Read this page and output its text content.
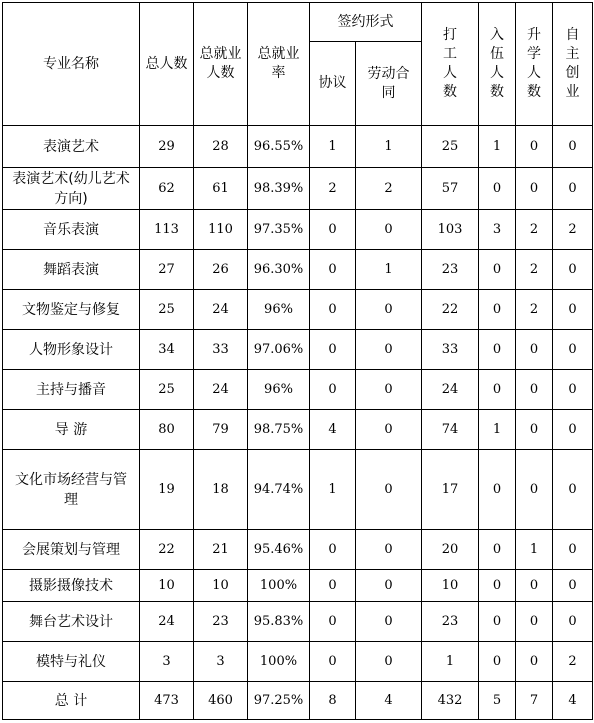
专业名称	总人数	总就业人数	总就业率	签约形式		打工人数	入伍人数	升学人数	自主创业
				协议	劳动合同				
表演艺术	29	28	96.55%	1	1	25	1	0	0
表演艺术(幼儿艺术方向)	62	61	98.39%	2	2	57	0	0	0
音乐表演	113	110	97.35%	0	0	103	3	2	2
舞蹈表演	27	26	96.30%	0	1	23	0	2	0
文物鉴定与修复	25	24	96%	0	0	22	0	2	0
人物形象设计	34	33	97.06%	0	0	33	0	0	0
主持与播音	25	24	96%	0	0	24	0	0	0
导 游	80	79	98.75%	4	0	74	1	0	0
文化市场经营与管理	19	18	94.74%	1	0	17	0	0	0
会展策划与管理	22	21	95.46%	0	0	20	0	1	0
摄影摄像技术	10	10	100%	0	0	10	0	0	0
舞台艺术设计	24	23	95.83%	0	0	23	0	0	0
模特与礼仪	3	3	100%	0	0	1	0	0	2
总 计	473	460	97.25%	8	4	432	5	7	4
